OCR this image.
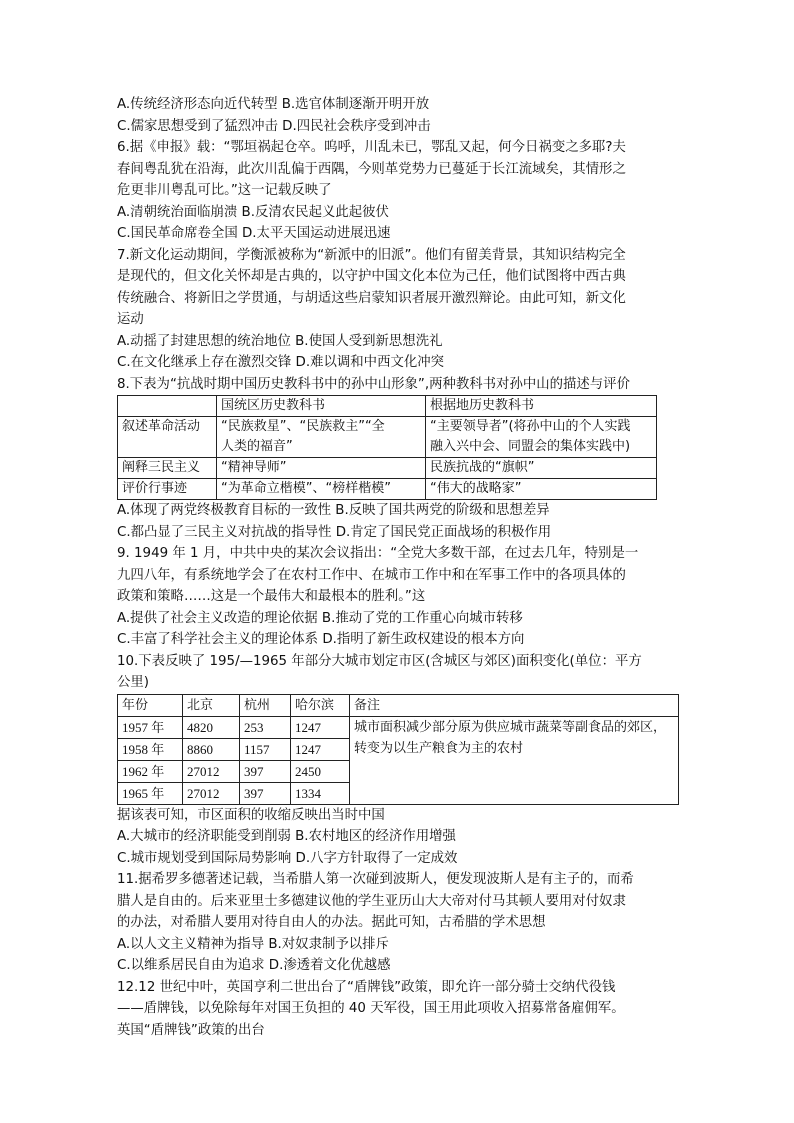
A.传统经济形态向近代转型 B.选官体制逐渐开明开放
C.儒家思想受到了猛烈冲击 D.四民社会秩序受到冲击
6.据《申报》载：“鄂垣祸起仓卒。呜呼，川乱未已，鄂乱又起，何今日祸变之多耶?夫
春间粤乱犹在沿海，此次川乱偏于西隅，今则革党势力已蔓延于长江流域矣，其情形之
危更非川粤乱可比。”这一记载反映了
A.清朝统治面临崩溃 B.反清农民起义此起彼伏
C.国民革命席卷全国 D.太平天国运动进展迅速
7.新文化运动期间，学衡派被称为“新派中的旧派”。他们有留美背景，其知识结构完全
是现代的，但文化关怀却是古典的，以守护中国文化本位为己任，他们试图将中西古典
传统融合、将新旧之学贯通，与胡适这些启蒙知识者展开激烈辩论。由此可知，新文化
运动
A.动摇了封建思想的统治地位 B.使国人受到新思想洗礼
C.在文化继承上存在激烈交锋 D.难以调和中西文化冲突
8.下表为“抗战时期中国历史教科书中的孙中山形象”,两种教科书对孙中山的描述与评价
	国统区历史教科书	根据地历史教科书
叙述革命活动	“民族救星”、“民族救主”“全	“主要领导者”(将孙中山的个人实践
	人类的福音”	融入兴中会、同盟会的集体实践中)
阐释三民主义	“精神导师”	民族抗战的“旗帜”
评价行事迹	“为革命立楷模”、“榜样楷模”	“伟大的战略家”
A.体现了两党终极教育目标的一致性 B.反映了国共两党的阶级和思想差异
C.都凸显了三民主义对抗战的指导性 D.肯定了国民党正面战场的积极作用
9. 1949 年 1 月，中共中央的某次会议指出：“全党大多数干部，在过去几年，特别是一
九四八年，有系统地学会了在农村工作中、在城市工作中和在军事工作中的各项具体的
政策和策略……这是一个最伟大和最根本的胜利。”这
A.提供了社会主义改造的理论依据 B.推动了党的工作重心向城市转移
C.丰富了科学社会主义的理论体系 D.指明了新生政权建设的根本方向
10.下表反映了 195/—1965 年部分大城市划定市区(含城区与郊区)面积变化(单位：平方
公里)
年份	北京	杭州	哈尔滨	备注
1957 年	4820	253	1247	城市面积减少部分原为供应城市蔬菜等副食品的郊区，转变为以生产粮食为主的农村
1958 年	8860	1157	1247	
1962 年	27012	397	2450	
1965 年	27012	397	1334	
据该表可知，市区面积的收缩反映出当时中国
A.大城市的经济职能受到削弱 B.农村地区的经济作用增强
C.城市规划受到国际局势影响 D.八字方针取得了一定成效
11.据希罗多德著述记载，当希腊人第一次碰到波斯人，便发现波斯人是有主子的，而希
腊人是自由的。后来亚里士多德建议他的学生亚历山大大帝对付马其顿人要用对付奴隶
的办法，对希腊人要用对待自由人的办法。据此可知，古希腊的学术思想
A.以人文主义精神为指导 B.对奴隶制予以排斥
C.以维系居民自由为追求 D.渗透着文化优越感
12.12 世纪中叶，英国亨利二世出台了“盾牌钱”政策，即允许一部分骑士交纳代役钱
——盾牌钱，以免除每年对国王负担的 40 天军役，国王用此项收入招募常备雇佣军。
英国“盾牌钱”政策的出台
